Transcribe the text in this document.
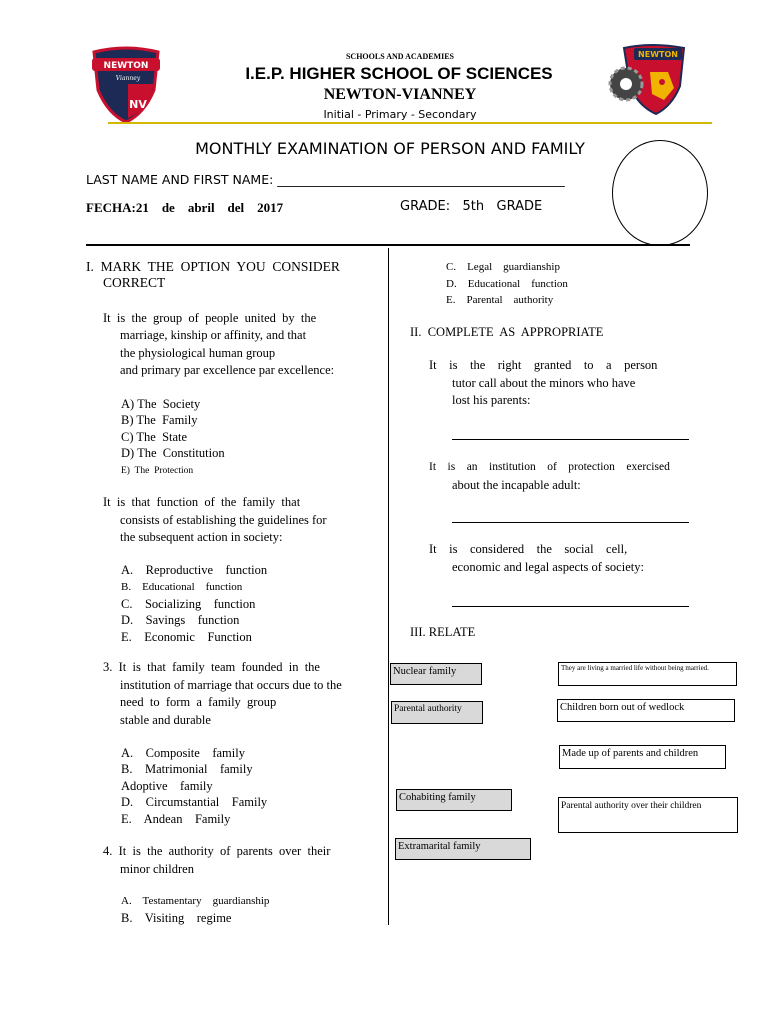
NEWTON
Vianney
NV
SCHOOLS AND ACADEMIES
I.E.P. HIGHER SCHOOL OF SCIENCES
NEWTON-VIANNEY
Initial - Primary - Secondary
NEWTON
MONTHLY EXAMINATION OF PERSON AND FAMILY
LAST NAME AND FIRST NAME: ______________________________________________
FECHA:21    de    abril    del    2017	GRADE: 5th GRADE
I.  MARK  THE  OPTION  YOU  CONSIDER
CORRECT
It  is  the  group  of  people  united  by  the
marriage, kinship or affinity, and that
the physiological human group
and primary par excellence par excellence:
A) The  Society
B) The  Family
C) The  State
D) The  Constitution
E)  The  Protection
It  is  that  function  of  the  family  that
consists of establishing the guidelines for
the subsequent action in society:
A.    Reproductive    function
B.    Educational    function
C.    Socializing    function
D.    Savings    function
E.    Economic    Function
3.  It  is  that  family  team  founded  in  the
institution of marriage that occurs due to the
need  to  form  a  family  group
stable and durable
A.    Composite    family
B.    Matrimonial    family
Adoptive    family
D.    Circumstantial    Family
E.    Andean    Family
4.  It  is  the  authority  of  parents  over  their
minor children
A.    Testamentary    guardianship
B.    Visiting    regime
C.    Legal    guardianship
D.    Educational    function
E.    Parental    authority
II.  COMPLETE  AS  APPROPRIATE
It    is    the    right    granted    to    a    person
tutor call about the minors who have
lost his parents:
It    is    an    institution    of    protection    exercised
about the incapable adult:
It    is    considered    the    social    cell,
economic and legal aspects of society:
III. RELATE
Nuclear family
Parental authority
Cohabiting family
Extramarital family
They are living a married life without being married.
Children born out of wedlock
Made up of parents and children
Parental authority over their children
